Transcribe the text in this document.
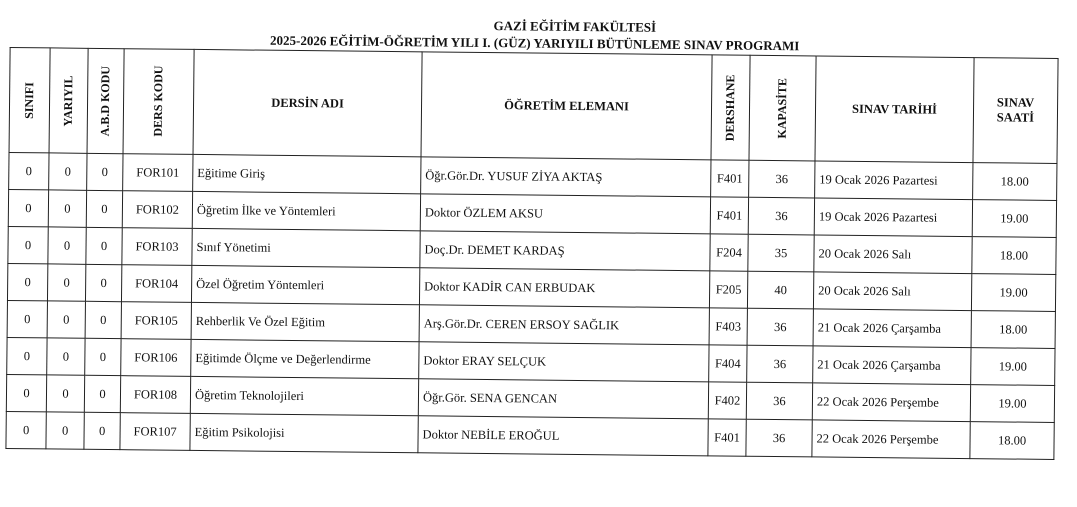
GAZİ EĞİTİM FAKÜLTESİ
2025-2026 EĞİTİM-ÖĞRETİM YILI I. (GÜZ) YARIYILI BÜTÜNLEME SINAV PROGRAMI
SINIFI	YARIYIL	A.B.D KODU	DERS KODU	DERSİN ADI	ÖĞRETİM ELEMANI	DERSHANE	KAPASİTE	SINAV TARİHİ	SINAV
SAATİ

0	0	0	FOR101	Eğitime Giriş	Öğr.Gör.Dr. YUSUF ZİYA AKTAŞ	F401	36	19 Ocak 2026 Pazartesi	18.00
0	0	0	FOR102	Öğretim İlke ve Yöntemleri	Doktor ÖZLEM AKSU	F401	36	19 Ocak 2026 Pazartesi	19.00
0	0	0	FOR103	Sınıf Yönetimi	Doç.Dr. DEMET KARDAŞ	F204	35	20 Ocak 2026 Salı	18.00
0	0	0	FOR104	Özel Öğretim Yöntemleri	Doktor KADİR CAN ERBUDAK	F205	40	20 Ocak 2026 Salı	19.00
0	0	0	FOR105	Rehberlik Ve Özel Eğitim	Arş.Gör.Dr. CEREN ERSOY SAĞLIK	F403	36	21 Ocak 2026 Çarşamba	18.00
0	0	0	FOR106	Eğitimde Ölçme ve Değerlendirme	Doktor ERAY SELÇUK	F404	36	21 Ocak 2026 Çarşamba	19.00
0	0	0	FOR108	Öğretim Teknolojileri	Öğr.Gör. SENA GENCAN	F402	36	22 Ocak 2026 Perşembe	19.00
0	0	0	FOR107	Eğitim Psikolojisi	Doktor NEBİLE EROĞUL	F401	36	22 Ocak 2026 Perşembe	18.00
